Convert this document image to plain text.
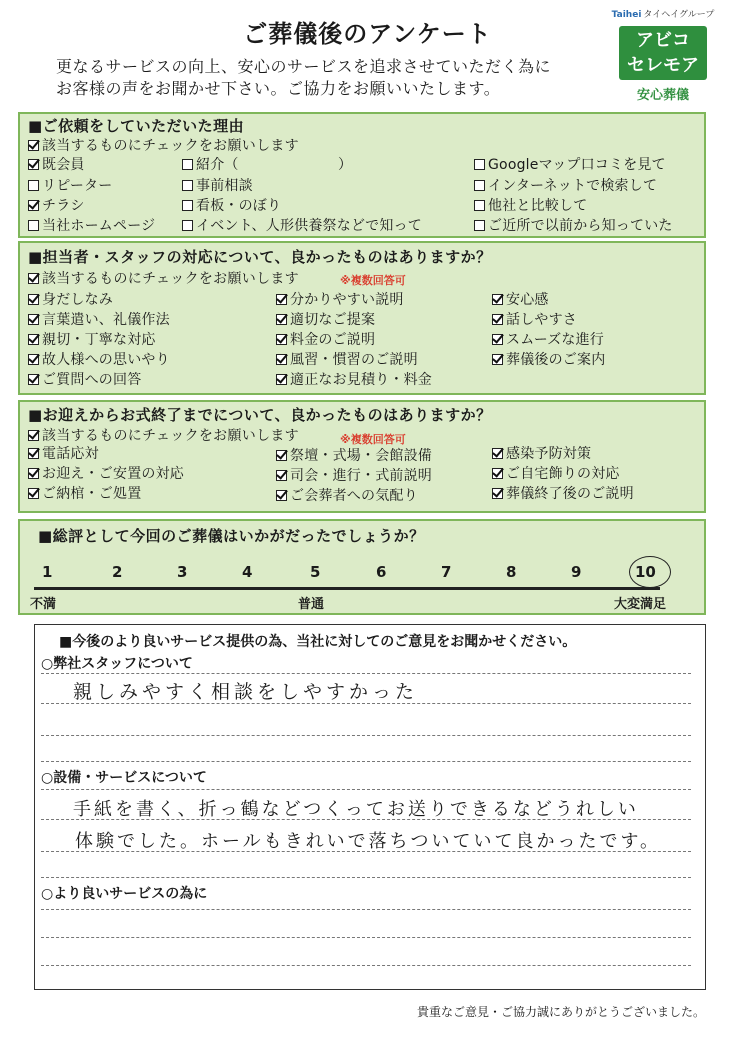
ご葬儀後のアンケート
更なるサービスの向上、安心のサービスを追求させていただく為に
お客様の声をお聞かせ下さい。ご協力をお願いいたします。
Taihei タイヘイグループ
アビコ
セレモア
安心葬儀
■ご依頼をしていただいた理由
該当するものにチェックをお願いします
既会員	紹介（　　　　　　　）	Googleマップ口コミを見て
リピーター	事前相談	インターネットで検索して
チラシ	看板・のぼり	他社と比較して
当社ホームページ	イベント、人形供養祭などで知って	ご近所で以前から知っていた
■担当者・スタッフの対応について、良かったものはありますか？
該当するものにチェックをお願いします	※複数回答可
身だしなみ	分かりやすい説明	安心感
言葉遣い、礼儀作法	適切なご提案	話しやすさ
親切・丁寧な対応	料金のご説明	スムーズな進行
故人様への思いやり	風習・慣習のご説明	葬儀後のご案内
ご質問への回答	適正なお見積り・料金
■お迎えからお式終了までについて、良かったものはありますか？
該当するものにチェックをお願いします	※複数回答可
電話応対	祭壇・式場・会館設備	感染予防対策
お迎え・ご安置の対応	司会・進行・式前説明	ご自宅飾りの対応
ご納棺・ご処置	ご会葬者への気配り	葬儀終了後のご説明
■総評として今回のご葬儀はいかがだったでしょうか？
1	2	3	4	5	6	7	8	9	10
不満	普通	大変満足
■今後のより良いサービス提供の為、当社に対してのご意見をお聞かせください。
○弊社スタッフについて
親しみやすく相談をしやすかった
○設備・サービスについて
手紙を書く、折っ鶴などつくってお送りできるなどうれしい
体験でした。ホールもきれいで落ちついていて良かったです。
○より良いサービスの為に
貴重なご意見・ご協力誠にありがとうございました。
